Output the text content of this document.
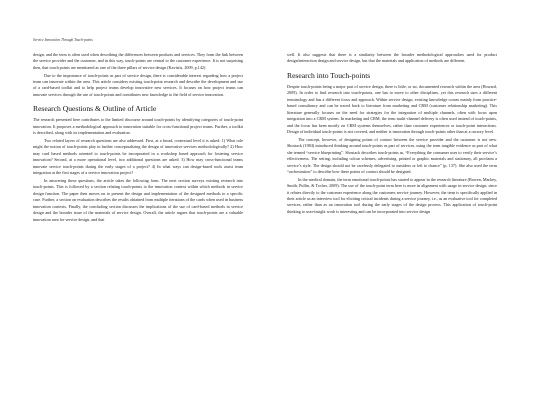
Service Innovation Through Touch-points

design, and the term is often used when describing the differences between products and services. They form the link between the service provider and the customer, and in this way, touch-points are central to the customer experience. It is not surprising then, that touch points are mentioned as one of the three pillars of service design (Kavistis, 2009, p.142)

Due to the importance of touch-points as part of service design, there is considerable interest regarding how a project team can innovate within the area. This article considers existing touch-point research and describe the development and use of a card-based toolkit and to help project teams develop innovative new services. It focuses on how project teams can innovate services through the use of touch-points and contributes new knowledge to the field of service innovation.

Research Questions & Outline of Article

The research presented here contributes to the limited discourse around touch-points by identifying categories of touch-point innovation. It proposes a methodological approach to innovation suitable for cross-functional project teams. Further, a toolkit is described, along with its implementation and evaluation.

Two related layers of research questions are also addressed. First, at a broad, contextual level it is asked: 1) What role might the notion of touch-points play in further conceptualizing the design of innovative services methodologically? 2) How may card based methods oriented to touch-points be incorporated in a workshop based approach for fostering service innovation? Second, at a more operational level, two additional questions are asked: 3) How may cross-functional teams innovate service touch-points during the early stages of a project? 4) In what ways can design-based tools assist team integration at the first stages of a service innovation project?

In answering these questions, the article takes the following form. The next section surveys existing research into touch-points. This is followed by a section relating touch-points to the innovation context within which methods in service design function. The paper then moves on to present the design and implementation of the designed methods to a specific case. Further, a section on evaluation describes the results obtained from multiple iterations of the cards when used in business innovation contexts. Finally, the concluding section discusses the implications of the use of card-based methods in service design and the broader issue of the materials of service design. Overall, the article argues that touch-points are a valuable innovation area for service design, and that

well. It also suggests that there is a similarity between the broader methodological approaches used for product design/interaction design and service design, but that the materials and application of methods are different.

Research into Touch-points

Despite touch-points being a major part of service design, there is little, or no, documented research within the area (Howard, 2009). In order to find research into touch-points, one has to move to other disciplines, yet this research uses a different terminology and has a different focus and approach. Within service design, existing knowledge comes mainly from practice-based consultancy and can be traced back to literature from marketing and CRM (customer relationship marketing). This literature generally focuses on the need for strategies for the integration of multiple channels, often with focus upon integration into a CRM system. In marketing and CRM, the term multi-channel delivery is often used instead of touch-points, and the focus has been mostly on CRM systems themselves, rather than customer experiences or touch-point interactions. Design of individual touch-points is not covered, and neither is innovation through touch-points other than at a cursory level.

The concept, however, of designing points of contact between the service provider and the customer is not new. Shostack (1984) introduced thinking around touch-points as part of services, using the term tangible evidence as part of what she termed “service blueprinting”. Shostack describes touch-points as, “Everything the consumer uses to verify their service’s effectiveness. The setting, including colour schemes, advertising, printed or graphic materials and stationary, all proclaim a service’s style. The design should not be carelessly delegated to outsiders or left to chance” (p. 137). She also used the term “orchestration” to describe how these points of contact should be designed.

In the medical domain, the term emotional touch-points has started to appear in the research literature (Bowen, Mackey, Smith, Pullin, & Tocher, 2009). The use of the touch-point term here is more in alignment with usage in service design, since it relates directly to the customer experience along the customers service journey. However, the term is specifically applied in their article as an interview tool for eliciting critical incidents during a service journey, i.e., as an evaluative tool for completed services, rather than as an innovation tool during the early stages of the design process. This application of touch-point thinking to user-insight work is interesting and can be incorporated into service design
